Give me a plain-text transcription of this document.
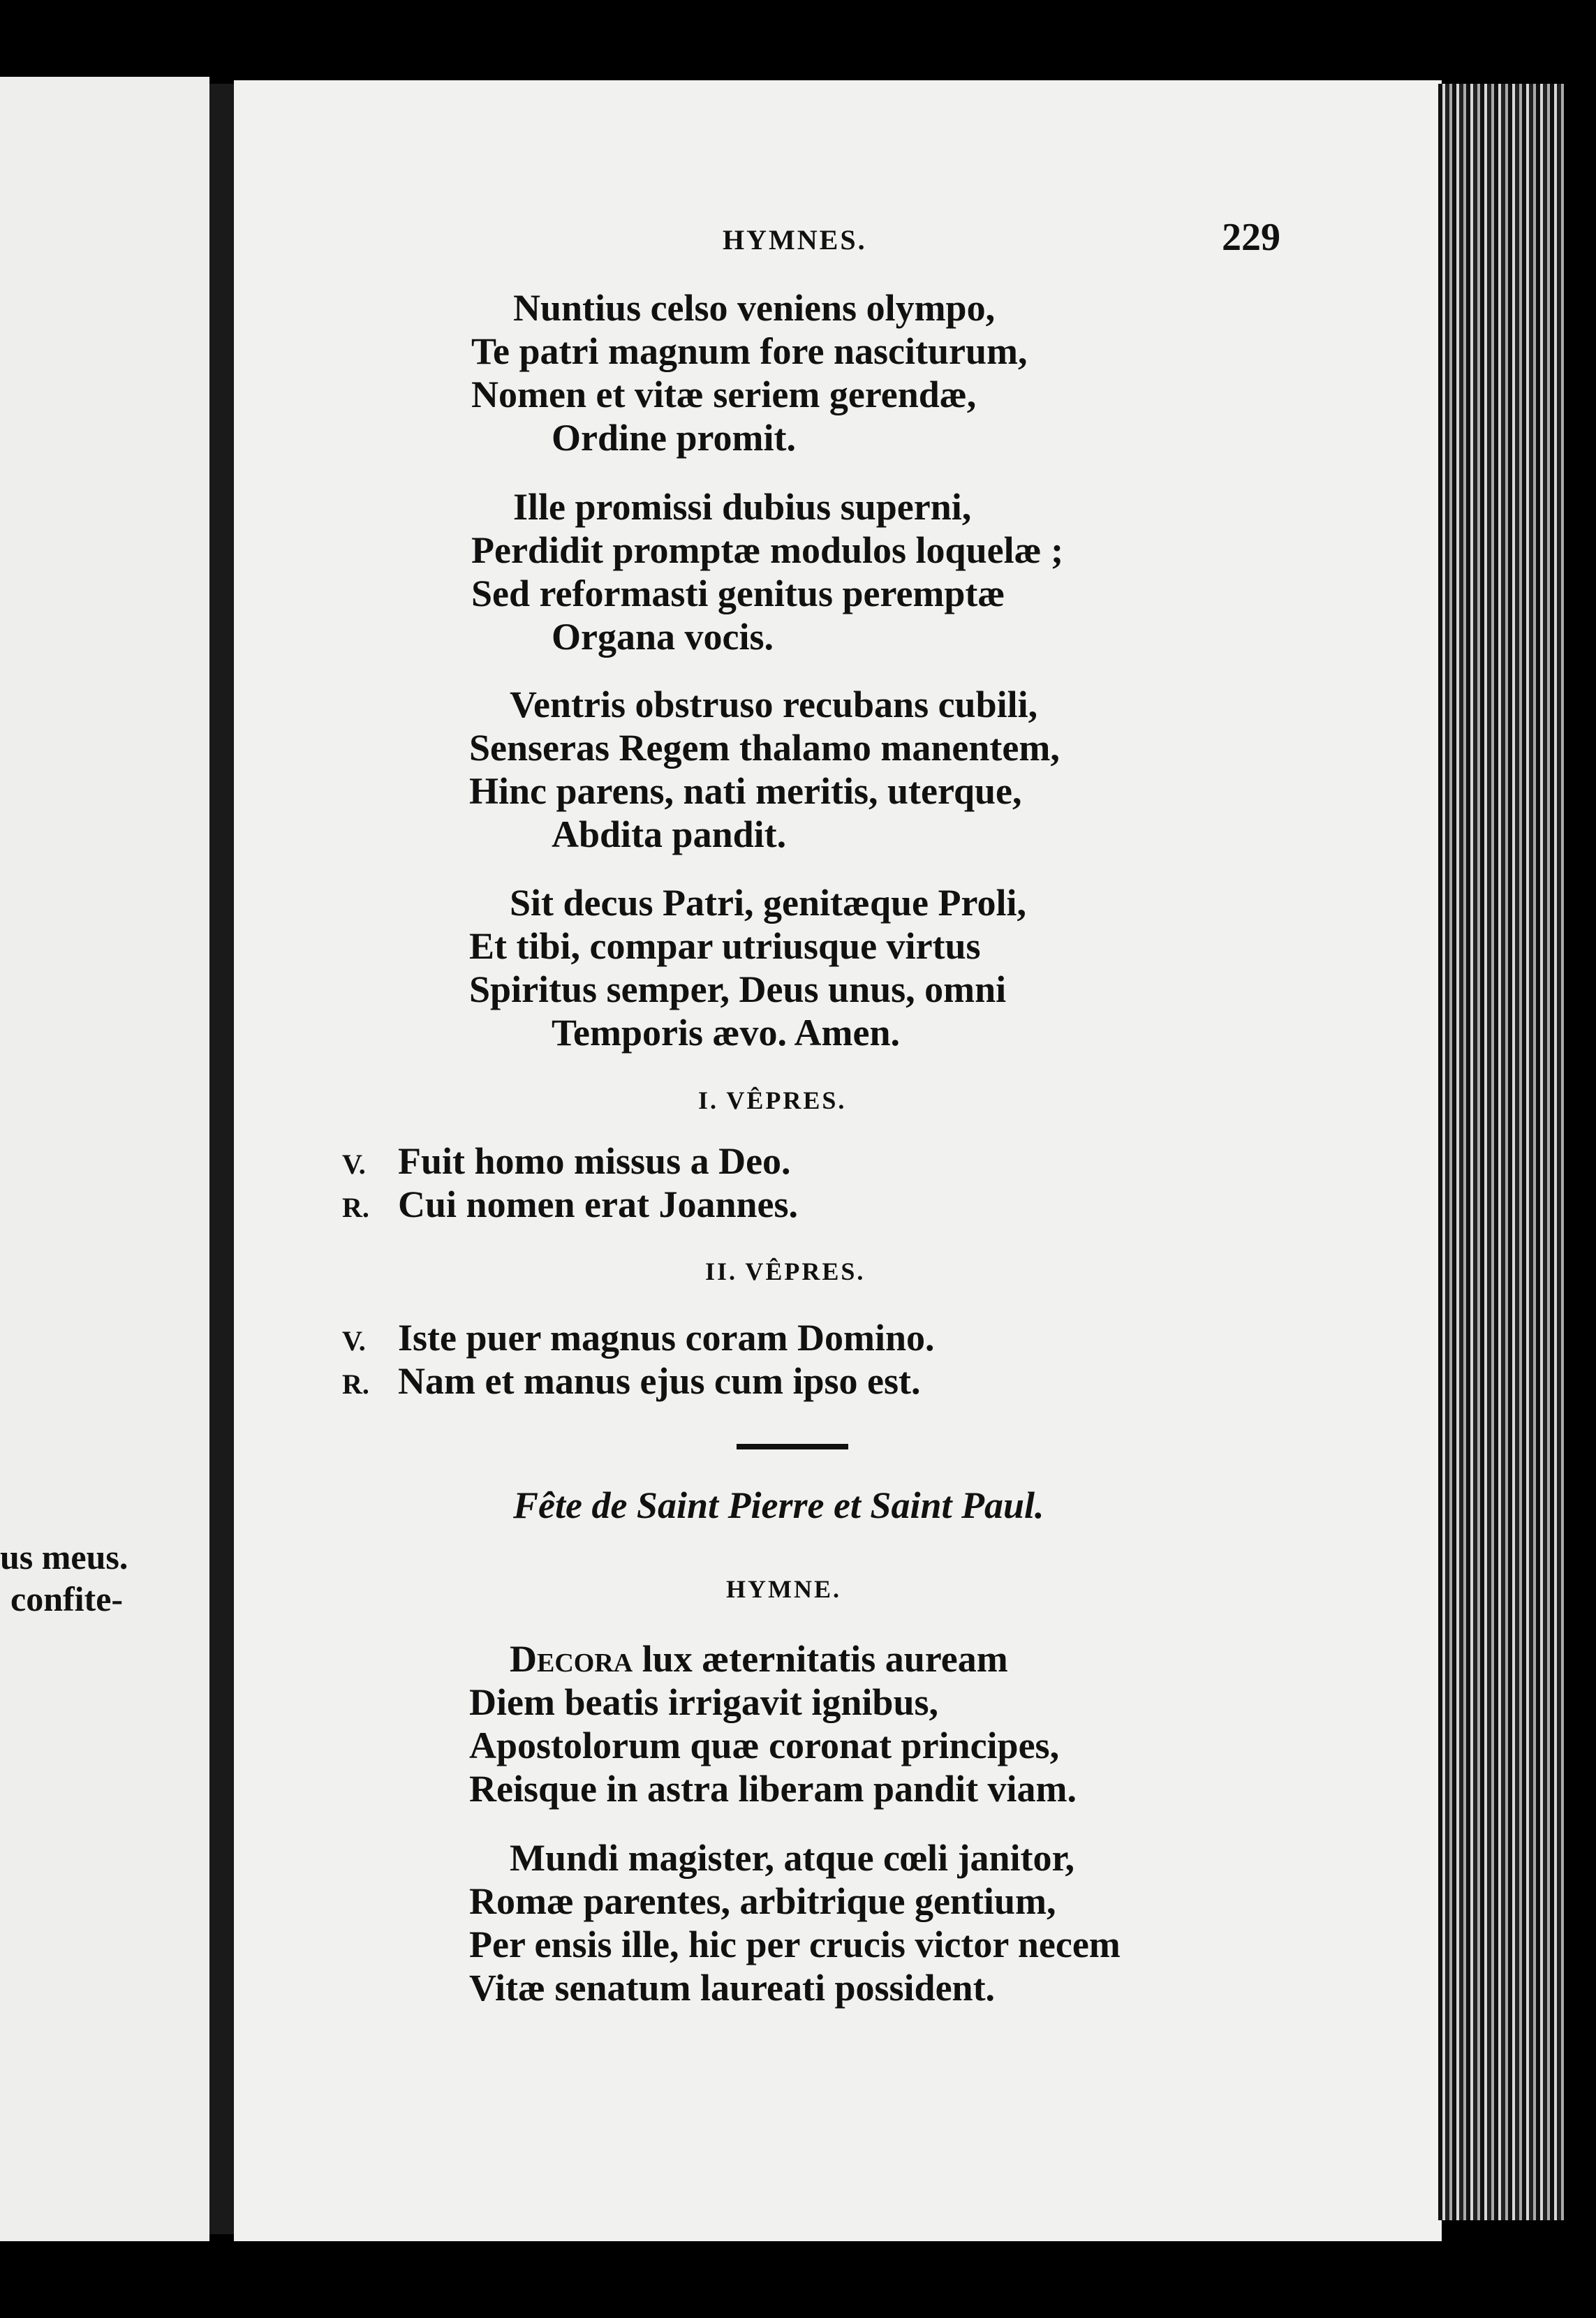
us meus.
confite-
HYMNES.	229
Nuntius celso veniens olympo,
Te patri magnum fore nasciturum,
Nomen et vitæ seriem gerendæ,
Ordine promit.
Ille promissi dubius superni,
Perdidit promptæ modulos loquelæ ;
Sed reformasti genitus peremptæ
Organa vocis.
Ventris obstruso recubans cubili,
Senseras Regem thalamo manentem,
Hinc parens, nati meritis, uterque,
Abdita pandit.
Sit decus Patri, genitæque Proli,
Et tibi, compar utriusque virtus
Spiritus semper, Deus unus, omni
Temporis ævo. Amen.
I. VÊPRES.
V. Fuit homo missus a Deo.
R. Cui nomen erat Joannes.
II. VÊPRES.
V. Iste puer magnus coram Domino.
R. Nam et manus ejus cum ipso est.
Fête de Saint Pierre et Saint Paul.
HYMNE.
Decora lux æternitatis auream
Diem beatis irrigavit ignibus,
Apostolorum quæ coronat principes,
Reisque in astra liberam pandit viam.
Mundi magister, atque cœli janitor,
Romæ parentes, arbitrique gentium,
Per ensis ille, hic per crucis victor necem
Vitæ senatum laureati possident.
